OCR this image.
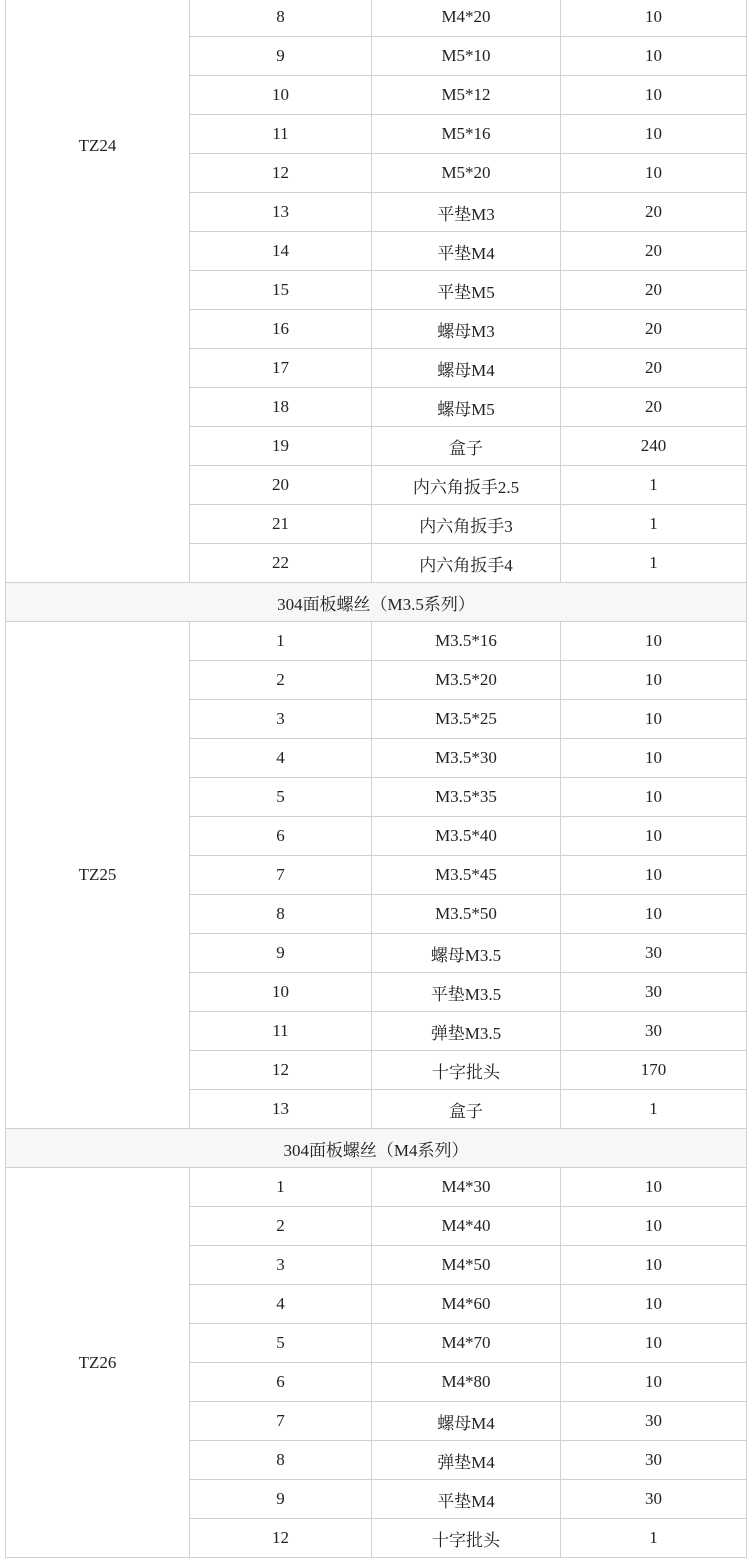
TZ24	8	M4*20	10
	9	M5*10	10
	10	M5*12	10
	11	M5*16	10
	12	M5*20	10
	13	平垫M3	20
	14	平垫M4	20
	15	平垫M5	20
	16	螺母M3	20
	17	螺母M4	20
	18	螺母M5	20
	19	盒子	240
	20	内六角扳手2.5	1
	21	内六角扳手3	1
	22	内六角扳手4	1
304面板螺丝（M3.5系列）			
TZ25	1	M3.5*16	10
	2	M3.5*20	10
	3	M3.5*25	10
	4	M3.5*30	10
	5	M3.5*35	10
	6	M3.5*40	10
	7	M3.5*45	10
	8	M3.5*50	10
	9	螺母M3.5	30
	10	平垫M3.5	30
	11	弹垫M3.5	30
	12	十字批头	170
	13	盒子	1
304面板螺丝（M4系列）			
TZ26	1	M4*30	10
	2	M4*40	10
	3	M4*50	10
	4	M4*60	10
	5	M4*70	10
	6	M4*80	10
	7	螺母M4	30
	8	弹垫M4	30
	9	平垫M4	30
	12	十字批头	1
